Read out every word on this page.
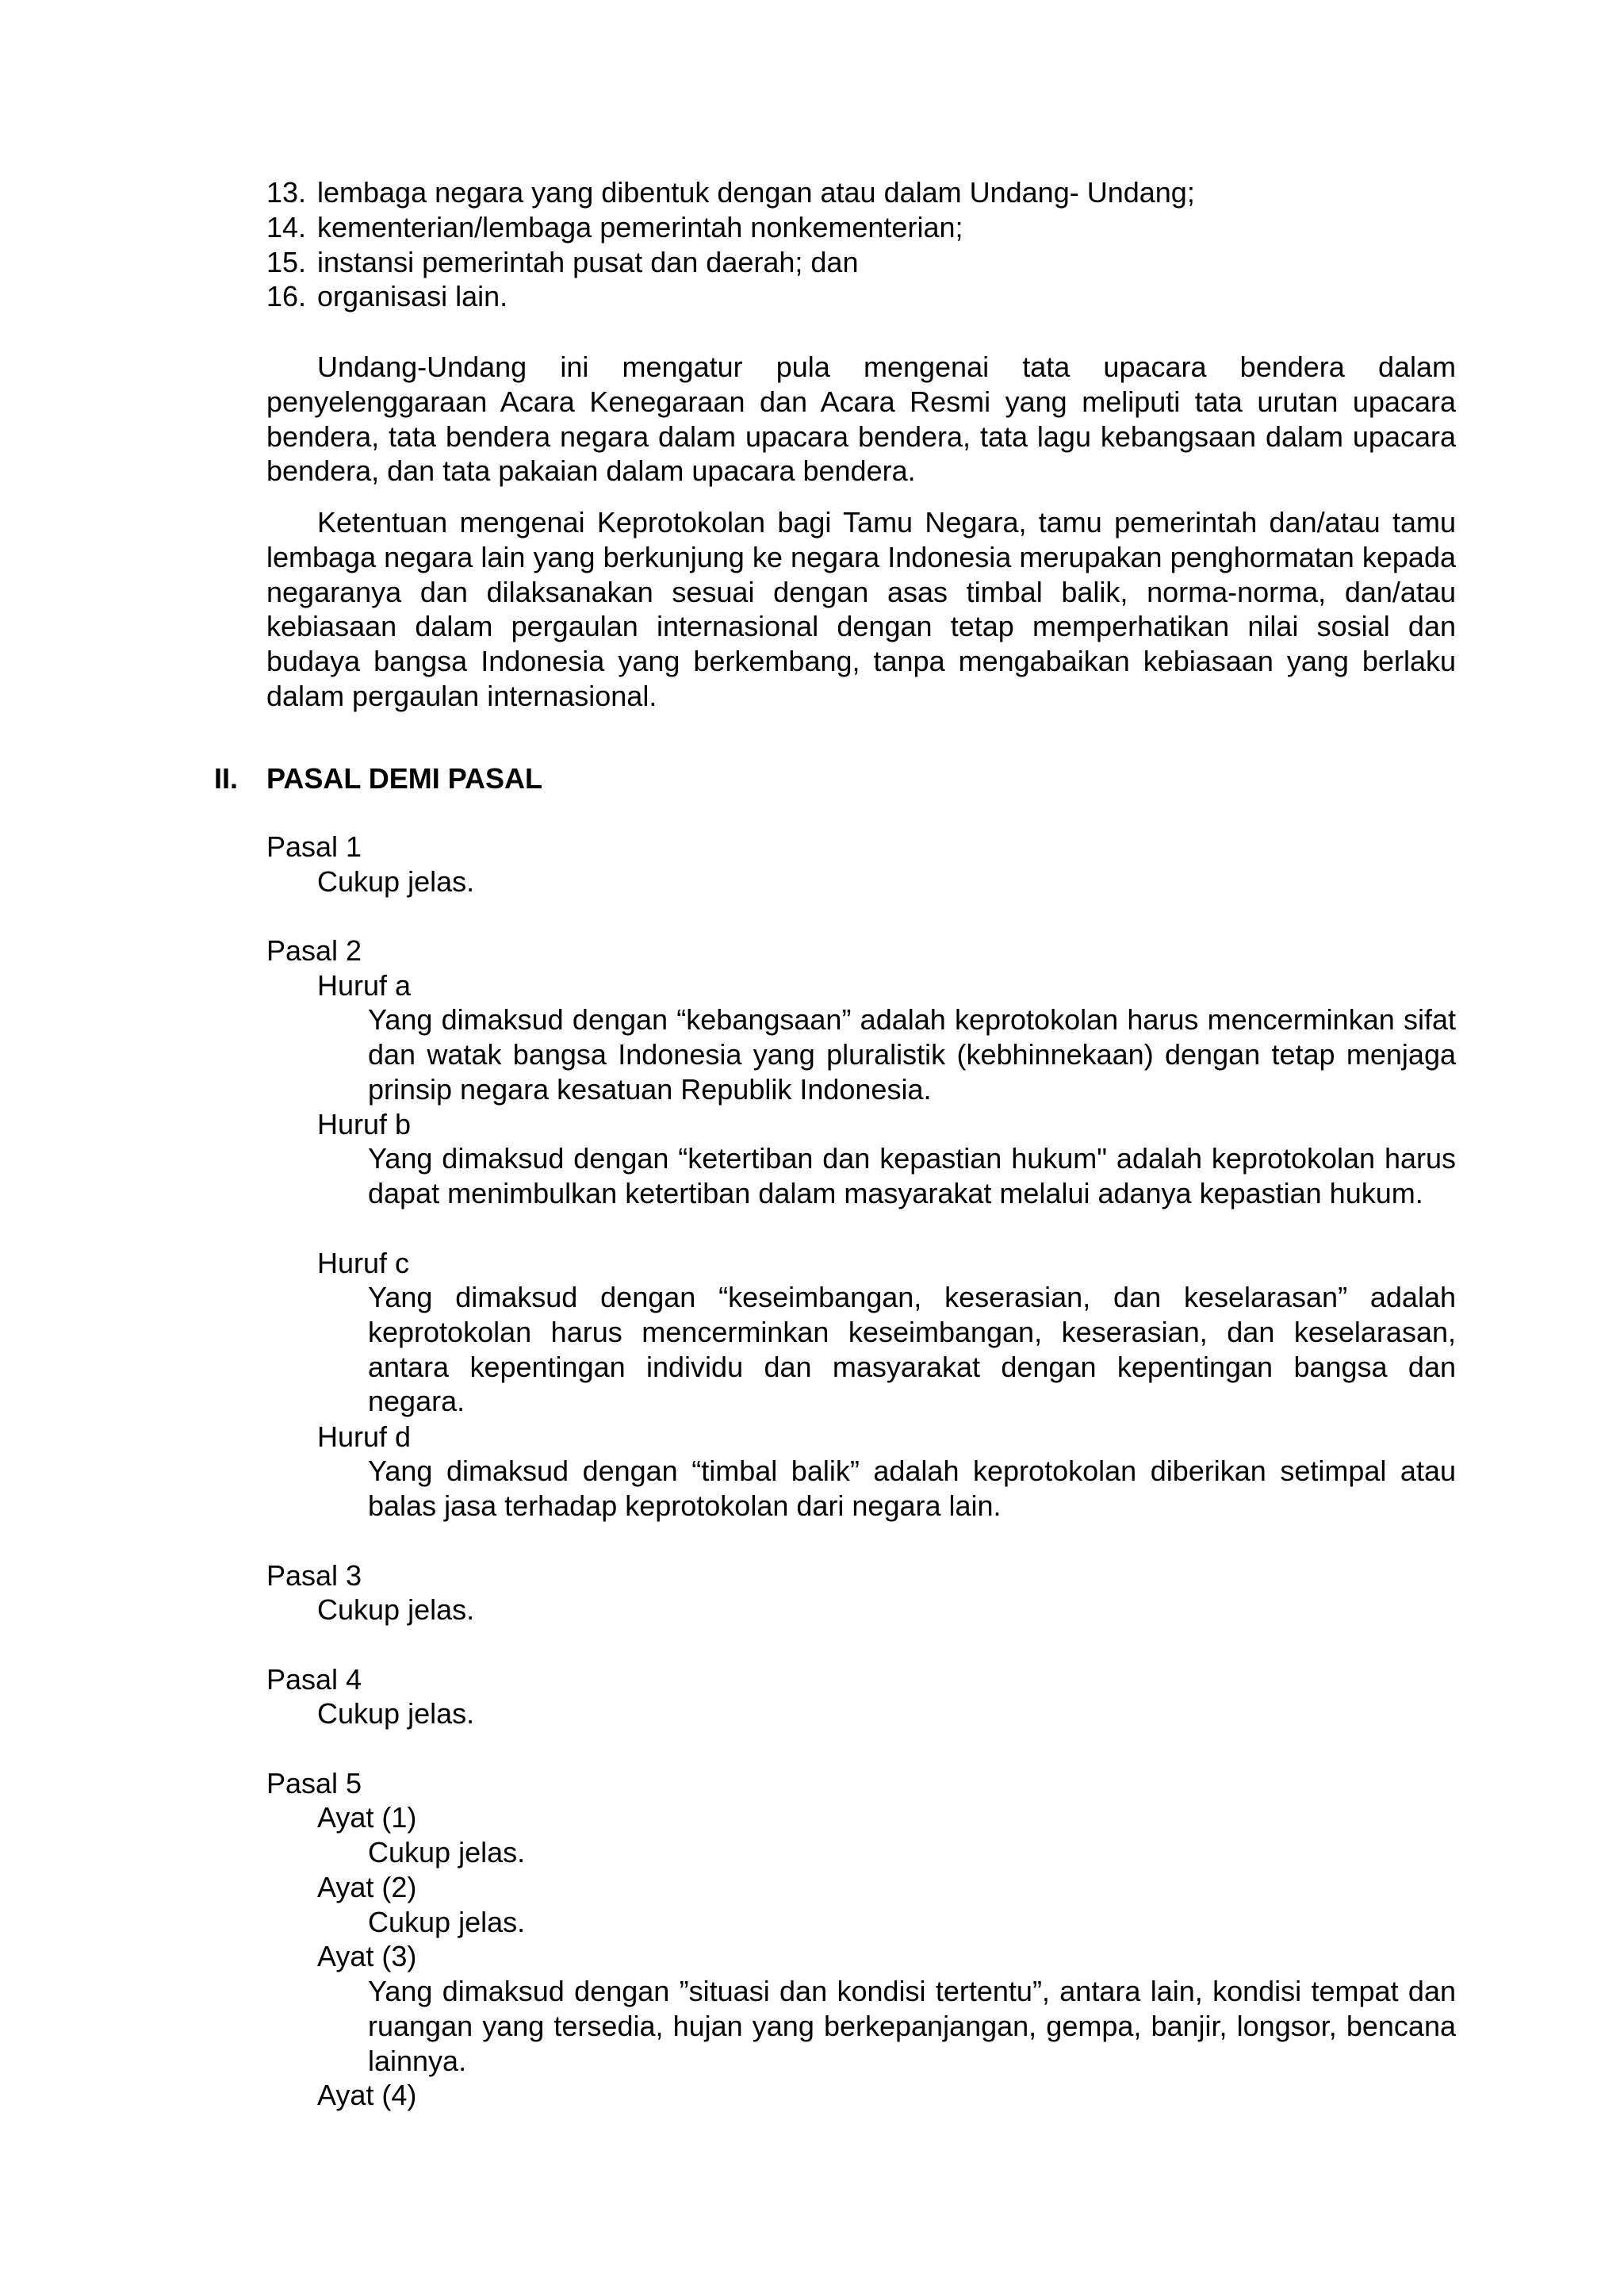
13. lembaga negara yang dibentuk dengan atau dalam Undang- Undang;
14. kementerian/lembaga pemerintah nonkementerian;
15. instansi pemerintah pusat dan daerah; dan
16. organisasi lain.
Undang-Undang ini mengatur pula mengenai tata upacara bendera dalam penyelenggaraan Acara Kenegaraan dan Acara Resmi yang meliputi tata urutan upacara bendera, tata bendera negara dalam upacara bendera, tata lagu kebangsaan dalam upacara bendera, dan tata pakaian dalam upacara bendera.
Ketentuan mengenai Keprotokolan bagi Tamu Negara, tamu pemerintah dan/atau tamu lembaga negara lain yang berkunjung ke negara Indonesia merupakan penghormatan kepada negaranya dan dilaksanakan sesuai dengan asas timbal balik, norma-norma, dan/atau kebiasaan dalam pergaulan internasional dengan tetap memperhatikan nilai sosial dan budaya bangsa Indonesia yang berkembang, tanpa mengabaikan kebiasaan yang berlaku dalam pergaulan internasional.
II. PASAL DEMI PASAL
Pasal 1
Cukup jelas.
Pasal 2
Huruf a
Yang dimaksud dengan “kebangsaan” adalah keprotokolan harus mencerminkan sifat dan watak bangsa Indonesia yang pluralistik (kebhinnekaan) dengan tetap menjaga prinsip negara kesatuan Republik Indonesia.
Huruf b
Yang dimaksud dengan “ketertiban dan kepastian hukum" adalah keprotokolan harus dapat menimbulkan ketertiban dalam masyarakat melalui adanya kepastian hukum.
Huruf c
Yang dimaksud dengan “keseimbangan, keserasian, dan keselarasan” adalah keprotokolan harus mencerminkan keseimbangan, keserasian, dan keselarasan, antara kepentingan individu dan masyarakat dengan kepentingan bangsa dan negara.
Huruf d
Yang dimaksud dengan “timbal balik” adalah keprotokolan diberikan setimpal atau balas jasa terhadap keprotokolan dari negara lain.
Pasal 3
Cukup jelas.
Pasal 4
Cukup jelas.
Pasal 5
Ayat (1)
Cukup jelas.
Ayat (2)
Cukup jelas.
Ayat (3)
Yang dimaksud dengan ”situasi dan kondisi tertentu”, antara lain, kondisi tempat dan ruangan yang tersedia, hujan yang berkepanjangan, gempa, banjir, longsor, bencana lainnya.
Ayat (4)
